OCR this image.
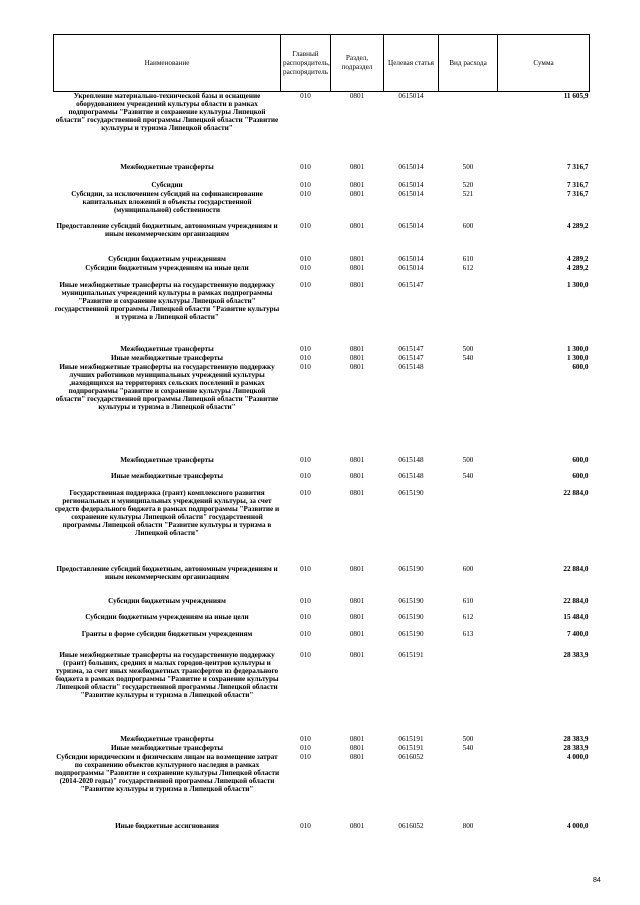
Наименование	Главный распорядитель, распорядитель	Раздел, подраздел	Целевая статья	Вид расхода	Сумма
Укрепление материально-технической базы и оснащение оборудованием учреждений культуры области в рамках подпрограммы "Развитие и сохранение культуры Липецкой области" государственной программы Липецкой области "Развитие культуры и туризма Липецкой области"	010	0801	0615014		11 605,9
Межбюджетные трансферты	010	0801	0615014	500	7 316,7
Субсидии	010	0801	0615014	520	7 316,7
Субсидии, за исключением субсидий на софинансирование капитальных вложений в объекты государственной (муниципальной) собственности	010	0801	0615014	521	7 316,7
Предоставление субсидий бюджетным, автономным учреждениям и иным некоммерческим организациям	010	0801	0615014	600	4 289,2
Субсидии бюджетным учреждениям	010	0801	0615014	610	4 289,2
Субсидии бюджетным учреждениям на иные цели	010	0801	0615014	612	4 289,2
Иные межбюджетные трансферты на государственную поддержку муниципальных учреждений культуры в рамках подпрограммы "Развитие и сохранение культуры Липецкой области" государственной программы Липецкой области "Развитие культуры и туризма в Липецкой области"	010	0801	0615147		1 300,0
Межбюджетные трансферты	010	0801	0615147	500	1 300,0
Иные межбюджетные трансферты	010	0801	0615147	540	1 300,0
Иные межбюджетные трансферты на государственную поддержку лучших работников муниципальных учреждений культуры ,находящихся на территориях сельских поселений в рамках подпрограммы "развитие и сохранение культуры Липецкой области" государственной программы Липецкой области "Развитие культуры и туризма в Липецкой области"	010	0801	0615148		600,0
Межбюджетные трансферты	010	0801	0615148	500	600,0
Иные межбюджетные трансферты	010	0801	0615148	540	600,0
Государственная поддержка (грант) комплексного развития региональных и муниципальных учреждений культуры, за счет средств федерального бюджета в рамках подпрограммы "Развитие и сохранение культуры Липецкой области" государственной программы Липецкой области "Развитие культуры и туризма в Липецкой области"	010	0801	0615190		22 884,0
Предоставление субсидий бюджетным, автономным учреждениям и иным некоммерческим организациям	010	0801	0615190	600	22 884,0
Субсидии бюджетным учреждениям	010	0801	0615190	610	22 884,0
Субсидии бюджетным учреждениям на иные цели	010	0801	0615190	612	15 484,0
Гранты в форме субсидии бюджетным учреждениям	010	0801	0615190	613	7 400,0
Иные межбюджетные трансферты на государственную поддержку (грант) больших, средних и малых городов-центров культуры и туризма, за счет иных межбюджетных трансфертов из федерального бюджета в рамках подпрограммы "Развитие и сохранение культуры Липецкой области" государственной программы Липецкой области "Развитие культуры и туризма в Липецкой области"	010	0801	0615191		28 383,9
Межбюджетные трансферты	010	0801	0615191	500	28 383,9
Иные межбюджетные трансферты	010	0801	0615191	540	28 383,9
Субсидии юридическим и физическим лицам на возмещение затрат по сохранению объектов культурного наследия в рамках подпрограммы "Развитие и сохранение культуры Липецкой области (2014-2020 годы)" государственной программы Липецкой области "Развитие культуры и туризма в Липецкой области"	010	0801	0616052		4 000,0
Иные бюджетные ассигнования	010	0801	0616052	800	4 000,0
84
